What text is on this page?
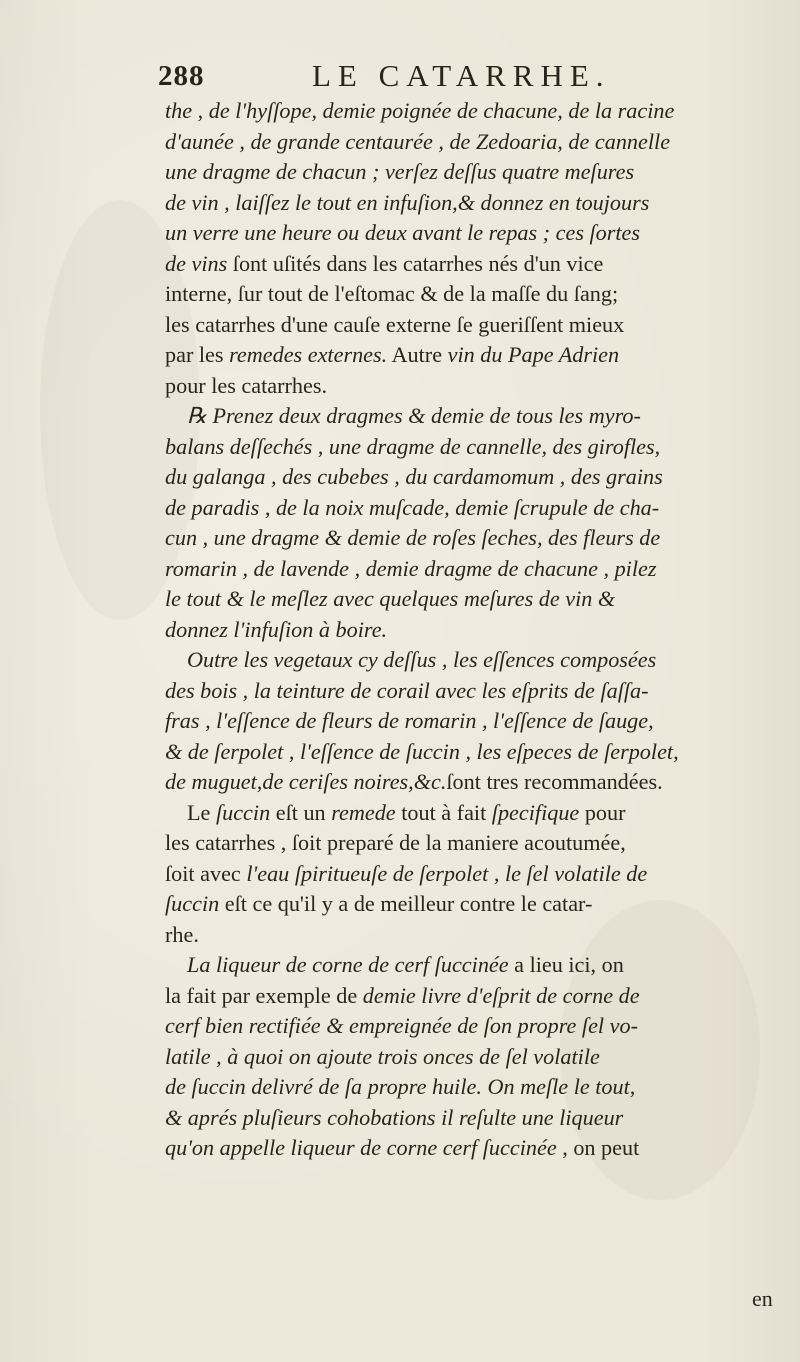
288	LE CATARRHE.
the , de l'hyſſope, demie poignée de chacune, de la racine
d'aunée , de grande centaurée , de Zedoaria, de cannelle
une dragme de chacun ; verſez deſſus quatre meſures
de vin , laiſſez le tout en infuſion,& donnez en toujours
un verre une heure ou deux avant le repas ; ces ſortes
de vins ſont uſités dans les catarrhes nés d'un vice
interne, ſur tout de l'eſtomac & de la maſſe du ſang;
les catarrhes d'une cauſe externe ſe gueriſſent mieux
par les remedes externes. Autre vin du Pape Adrien
pour les catarrhes.
℞ Prenez deux dragmes & demie de tous les myro-
balans deſſechés , une dragme de cannelle, des girofles,
du galanga , des cubebes , du cardamomum , des grains
de paradis , de la noix muſcade, demie ſcrupule de cha-
cun , une dragme & demie de roſes ſeches, des fleurs de
romarin , de lavende , demie dragme de chacune , pilez
le tout & le meſlez avec quelques meſures de vin &
donnez l'infuſion à boire.
Outre les vegetaux cy deſſus , les eſſences composées
des bois , la teinture de corail avec les eſprits de ſaſſa-
fras , l'eſſence de fleurs de romarin , l'eſſence de ſauge,
& de ſerpolet , l'eſſence de ſuccin , les eſpeces de ſerpolet,
de muguet,de ceriſes noires,&c.ſont tres recommandées.
Le ſuccin eſt un remede tout à fait ſpecifique pour
les catarrhes , ſoit preparé de la maniere acoutumée,
ſoit avec l'eau ſpiritueuſe de ſerpolet , le ſel volatile de
ſuccin eſt ce qu'il y a de meilleur contre le catar-
rhe.
La liqueur de corne de cerf ſuccinée a lieu ici, on
la fait par exemple de demie livre d'eſprit de corne de
cerf bien rectifiée & empreignée de ſon propre ſel vo-
latile , à quoi on ajoute trois onces de ſel volatile
de ſuccin delivré de ſa propre huile. On meſle le tout,
& aprés pluſieurs cohobations il reſulte une liqueur
qu'on appelle liqueur de corne cerf ſuccinée , on peut
en
